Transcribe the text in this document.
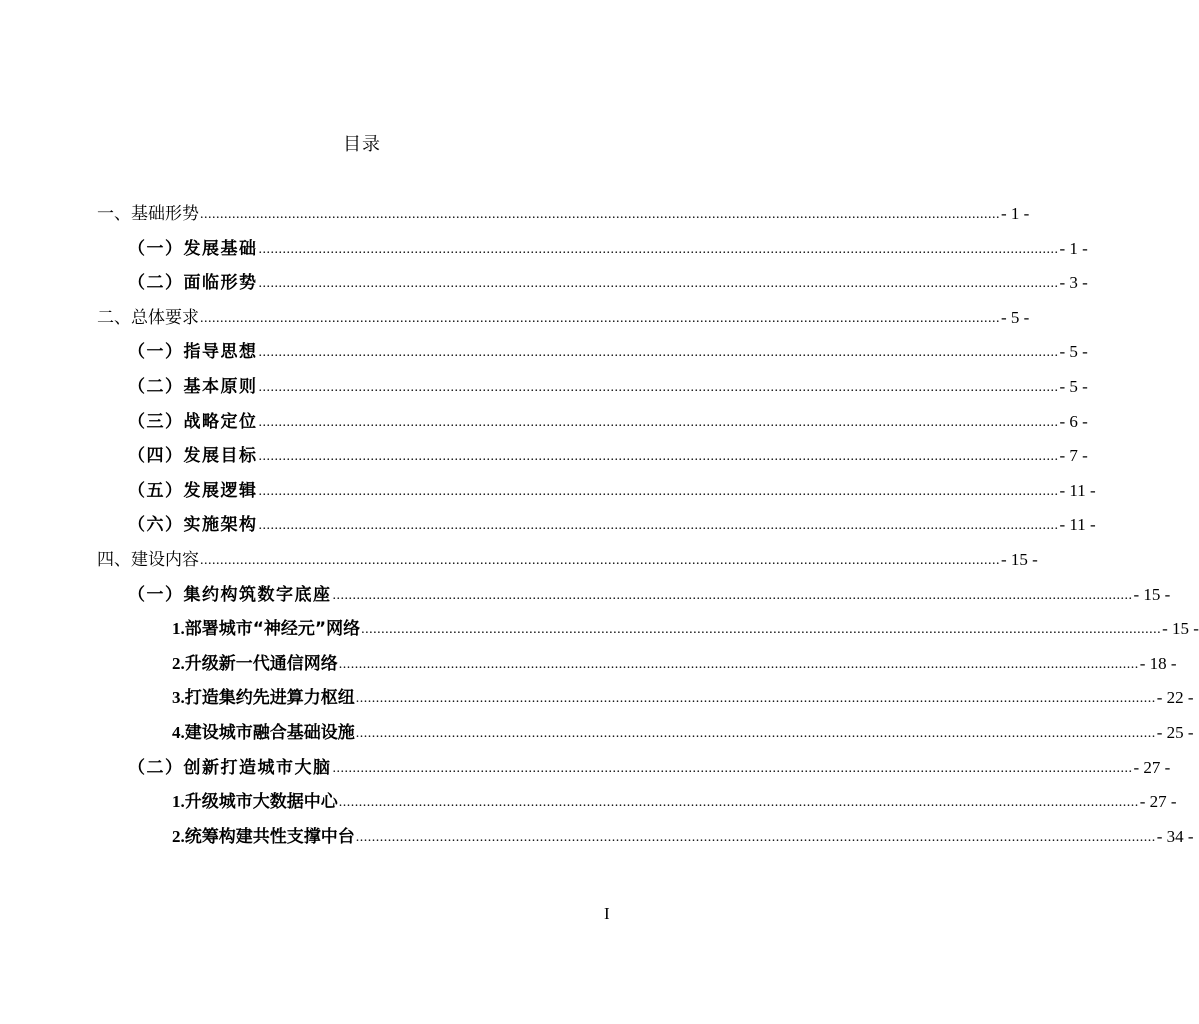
目录
一、基础形势 ........................................................................................................................................................................................................ - 1 -
（一）发展基础 ........................................................................................................................................................................................................ - 1 -
（二）面临形势 ........................................................................................................................................................................................................ - 3 -
二、总体要求 ........................................................................................................................................................................................................ - 5 -
（一）指导思想 ........................................................................................................................................................................................................ - 5 -
（二）基本原则 ........................................................................................................................................................................................................ - 5 -
（三）战略定位 ........................................................................................................................................................................................................ - 6 -
（四）发展目标 ........................................................................................................................................................................................................ - 7 -
（五）发展逻辑 ........................................................................................................................................................................................................ - 11 -
（六）实施架构 ........................................................................................................................................................................................................ - 11 -
四、建设内容 ........................................................................................................................................................................................................ - 15 -
（一）集约构筑数字底座 ........................................................................................................................................................................................................ - 15 -
1.部署城市“神经元”网络 ........................................................................................................................................................................................................ - 15 -
2.升级新一代通信网络 ........................................................................................................................................................................................................ - 18 -
3.打造集约先进算力枢纽 ........................................................................................................................................................................................................ - 22 -
4.建设城市融合基础设施 ........................................................................................................................................................................................................ - 25 -
（二）创新打造城市大脑 ........................................................................................................................................................................................................ - 27 -
1.升级城市大数据中心 ........................................................................................................................................................................................................ - 27 -
2.统筹构建共性支撑中台 ........................................................................................................................................................................................................ - 34 -
I
